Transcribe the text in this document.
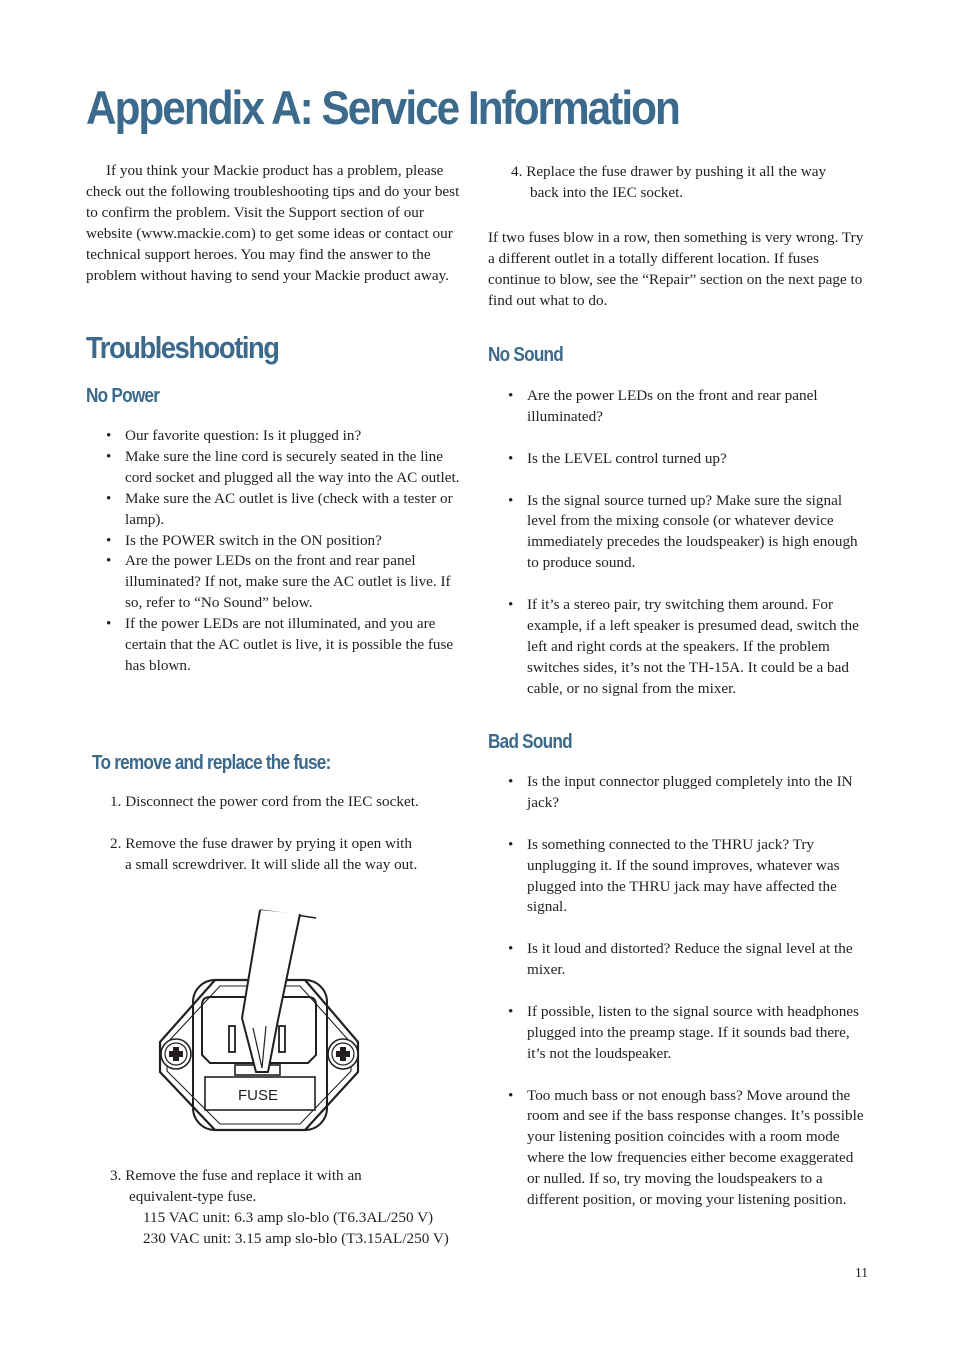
Appendix A: Service Information

If you think your Mackie product has a problem, please check out the following troubleshooting tips and do your best to confirm the problem. Visit the Support section of our website (www.mackie.com) to get some ideas or contact our technical support heroes. You may find the answer to the problem without having to send your Mackie product away.

Troubleshooting
No Power
• Our favorite question: Is it plugged in?
• Make sure the line cord is securely seated in the line cord socket and plugged all the way into the AC outlet.
• Make sure the AC outlet is live (check with a tester or lamp).
• Is the POWER switch in the ON position?
• Are the power LEDs on the front and rear panel illuminated? If not, make sure the AC outlet is live. If so, refer to “No Sound” below.
• If the power LEDs are not illuminated, and you are certain that the AC outlet is live, it is possible the fuse has blown.
To remove and replace the fuse:

1. Disconnect the power cord from the IEC socket.

2. Remove the fuse drawer by prying it open with
a small screwdriver. It will slide all the way out.

FUSE

3. Remove the fuse and replace it with an
equivalent-type fuse.
115 VAC unit: 6.3 amp slo-blo (T6.3AL/250 V)
230 VAC unit: 3.15 amp slo-blo (T3.15AL/250 V)

4. Replace the fuse drawer by pushing it all the way
back into the IEC socket.

If two fuses blow in a row, then something is very wrong. Try a different outlet in a totally different location. If fuses continue to blow, see the “Repair” section on the next page to find out what to do.

No Sound
• Are the power LEDs on the front and rear panel illuminated?
• Is the LEVEL control turned up?
• Is the signal source turned up? Make sure the signal level from the mixing console (or whatever device immediately precedes the loudspeaker) is high enough to produce sound.
• If it’s a stereo pair, try switching them around. For example, if a left speaker is presumed dead, switch the left and right cords at the speakers. If the problem switches sides, it’s not the TH-15A. It could be a bad cable, or no signal from the mixer.
Bad Sound
• Is the input connector plugged completely into the IN jack?
• Is something connected to the THRU jack? Try unplugging it. If the sound improves, whatever was plugged into the THRU jack may have affected the signal.
• Is it loud and distorted? Reduce the signal level at the mixer.
• If possible, listen to the signal source with headphones plugged into the preamp stage. If it sounds bad there, it’s not the loudspeaker.
• Too much bass or not enough bass? Move around the room and see if the bass response changes. It’s possible your listening position coincides with a room mode where the low frequencies either become exaggerated or nulled. If so, try moving the loudspeakers to a different position, or moving your listening position.
11
